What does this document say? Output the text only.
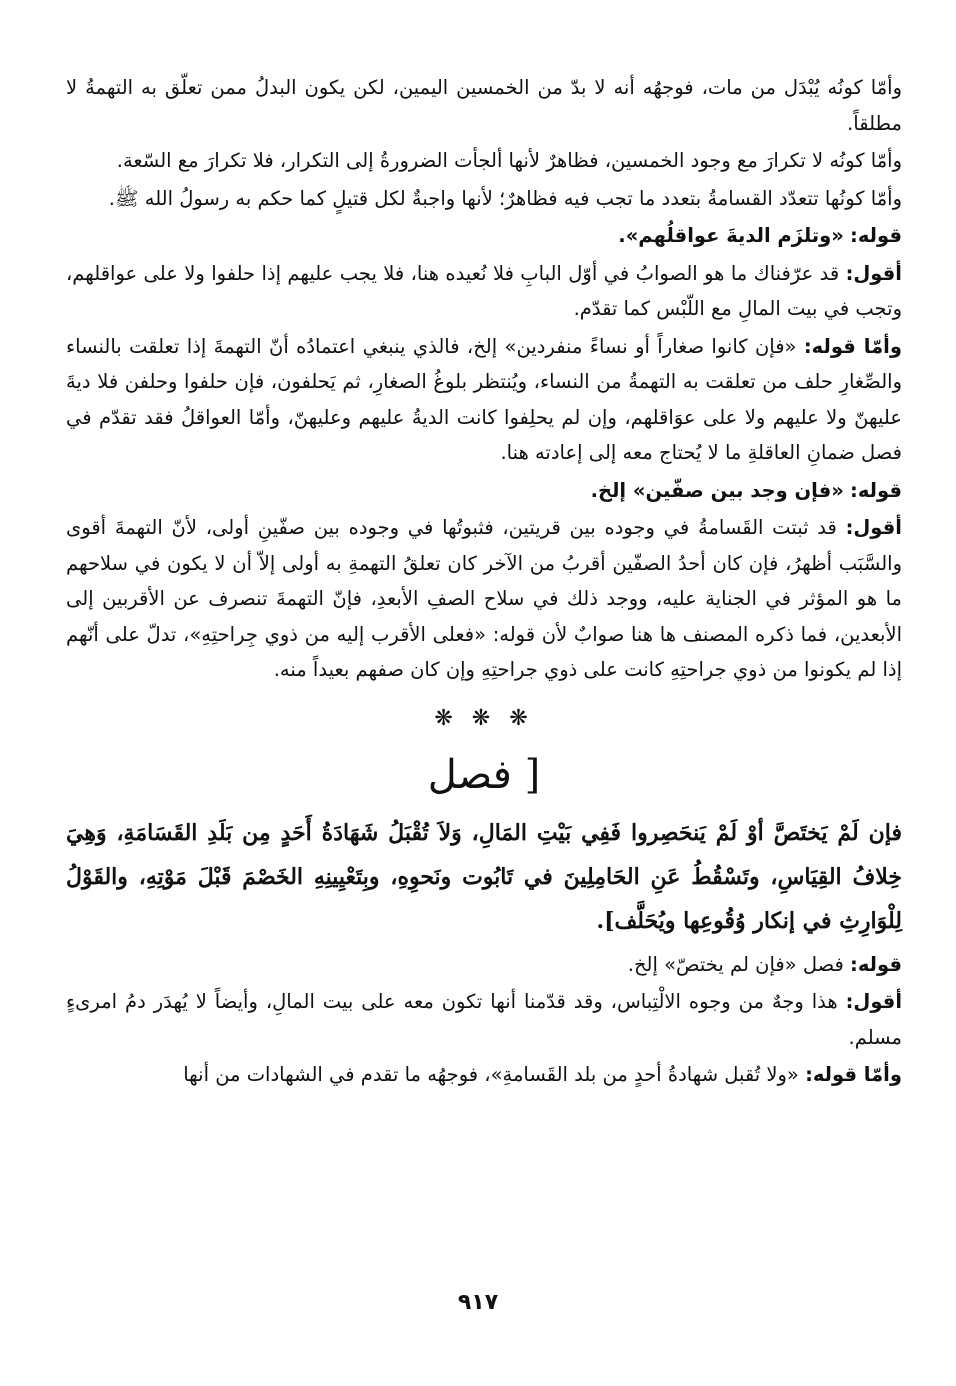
وأمّا كونُه يُبْدَل من مات، فوجهُه أنه لا بدّ من الخمسين اليمين، لكن يكون البدلُ ممن تعلّق به التهمةُ لا مطلقاً.

وأمّا كونُه لا تكرارَ مع وجود الخمسين، فظاهرٌ لأنها ألجأت الضرورةُ إلى التكرار، فلا تكرارَ مع السّعة.

وأمّا كونُها تتعدّد القسامةُ بتعدد ما تجب فيه فظاهرٌ؛ لأنها واجبةٌ لكل قتيلٍ كما حكم به رسولُ الله ﷺ.

قوله: «وتلزَم الديةَ عواقلُهم».

أقول: قد عرّفناك ما هو الصوابُ في أوّل البابِ فلا نُعيده هنا، فلا يجب عليهم إذا حلفوا ولا على عواقلهم، وتجب في بيت المالِ مع اللّبْس كما تقدّم.

وأمّا قوله: «فإن كانوا صغاراً أو نساءً منفردين» إلخ، فالذي ينبغي اعتمادُه أنّ التهمةَ إذا تعلقت بالنساء والصِّغارِ حلف من تعلقت به التهمةُ من النساء، ويُنتظر بلوغُ الصغارِ، ثم يَحلفون، فإن حلفوا وحلفن فلا ديةَ عليهنّ ولا عليهم ولا على عوَاقلهم، وإن لم يحلِفوا كانت الديةُ عليهم وعليهنّ، وأمّا العواقلُ فقد تقدّم في فصل ضمانِ العاقلةِ ما لا يُحتاج معه إلى إعادته هنا.

قوله: «فإن وجد بين صفّين» إلخ.

أقول: قد ثبتت القَسامةُ في وجوده بين قريتين، فثبوتُها في وجوده بين صفّينِ أولى، لأنّ التهمةَ أقوى والسَّبَب أظهرُ، فإن كان أحدُ الصفّين أقربُ من الآخر كان تعلقُ التهمةِ به أولى إلاّ أن لا يكون في سلاحهم ما هو المؤثر في الجناية عليه، ووجد ذلك في سلاح الصفِ الأبعدِ، فإنّ التهمةَ تنصرف عن الأقربين إلى الأبعدين، فما ذكره المصنف ها هنا صوابٌ لأن قوله: «فعلى الأقرب إليه من ذوي جِراحتِهِ»، تدلّ على أنّهم إذا لم يكونوا من ذوي جراحتِهِ كانت على ذوي جراحتِهِ وإن كان صفهم بعيداً منه.

❋ ❋ ❋
[ فصل

فإن لَمْ يَختَصَّ أوْ لَمْ يَنحَصِروا فَفِي بَيْتِ المَالِ، وَلاَ تُقْبَلُ شَهَادَةُ أَحَدٍ مِن بَلَدِ القَسَامَةِ، وَهِيَ خِلافُ القِيَاسِ، وتَسْقُطُ عَنِ الحَامِلِينَ في تَابُوت ونَحوِهِ، وبِتَعْيِينِهِ الخَصْمَ قَبْلَ مَوْتِهِ، والقَوْلُ لِلْوَارِثِ في إنكار وُقُوعِها ويُحَلَّف].

قوله: فصل «فإن لم يختصّ» إلخ.

أقول: هذا وجهٌ من وجوه الالْتِباس، وقد قدّمنا أنها تكون معه على بيت المالِ، وأيضاً لا يُهدَر دمُ امرىءٍ مسلم.

وأمّا قوله: «ولا تُقبل شهادةُ أحدٍ من بلد القَسامةِ»، فوجهُه ما تقدم في الشهادات من أنها

٩١٧
